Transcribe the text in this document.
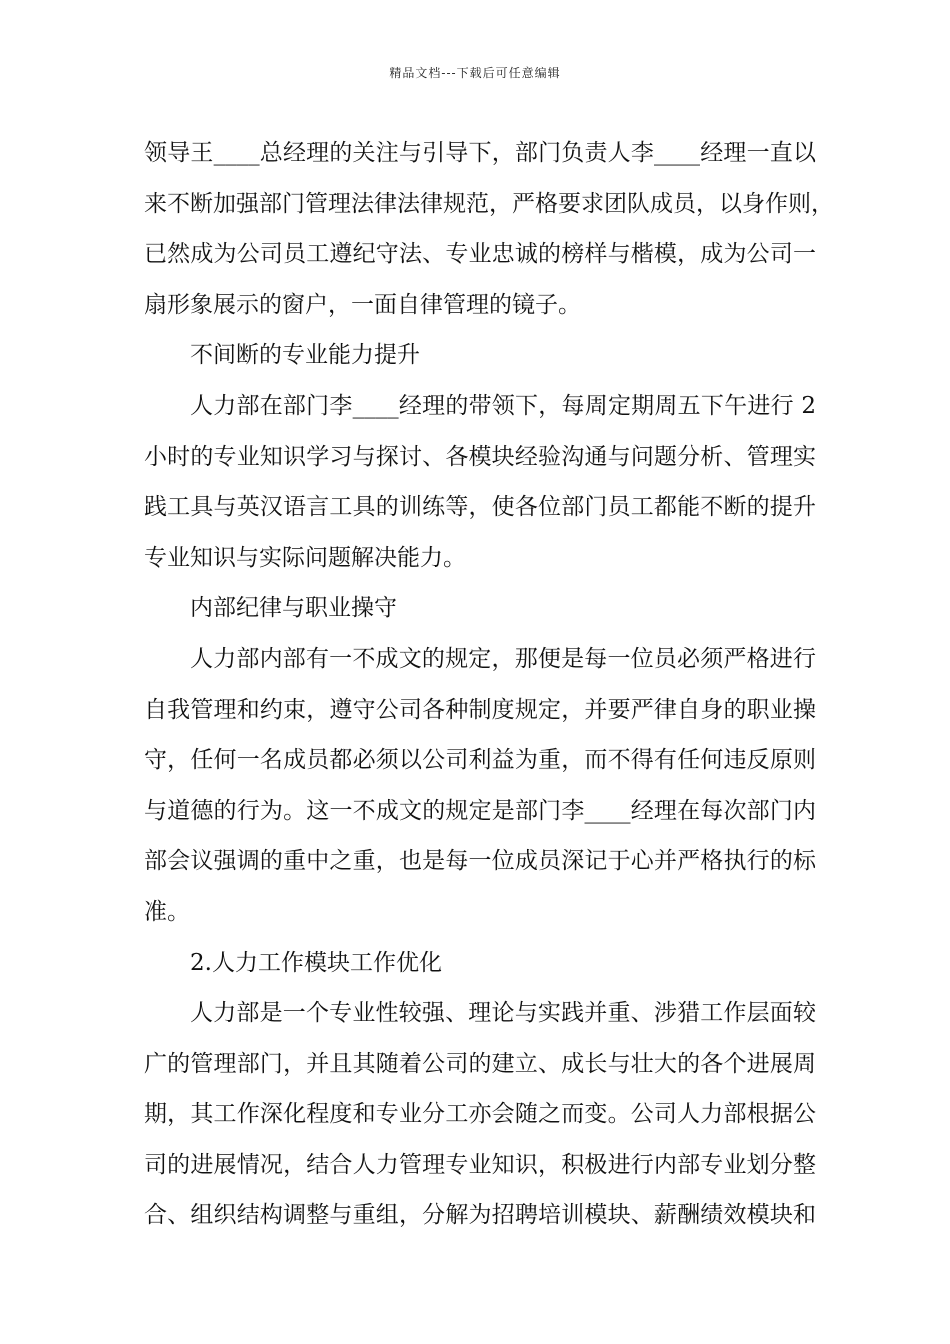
精品文档---下载后可任意编辑
领导王____总经理的关注与引导下，部门负责人李____经理一直以
来不断加强部门管理法律法律规范，严格要求团队成员，以身作则，
已然成为公司员工遵纪守法、专业忠诚的榜样与楷模，成为公司一
扇形象展示的窗户，一面自律管理的镜子。
不间断的专业能力提升
人力部在部门李____经理的带领下，每周定期周五下午进行 2
小时的专业知识学习与探讨、各模块经验沟通与问题分析、管理实
践工具与英汉语言工具的训练等，使各位部门员工都能不断的提升
专业知识与实际问题解决能力。
内部纪律与职业操守
人力部内部有一不成文的规定，那便是每一位员必须严格进行
自我管理和约束，遵守公司各种制度规定，并要严律自身的职业操
守，任何一名成员都必须以公司利益为重，而不得有任何违反原则
与道德的行为。这一不成文的规定是部门李____经理在每次部门内
部会议强调的重中之重，也是每一位成员深记于心并严格执行的标
准。
2.人力工作模块工作优化
人力部是一个专业性较强、理论与实践并重、涉猎工作层面较
广的管理部门，并且其随着公司的建立、成长与壮大的各个进展周
期，其工作深化程度和专业分工亦会随之而变。公司人力部根据公
司的进展情况，结合人力管理专业知识，积极进行内部专业划分整
合、组织结构调整与重组，分解为招聘培训模块、薪酬绩效模块和
